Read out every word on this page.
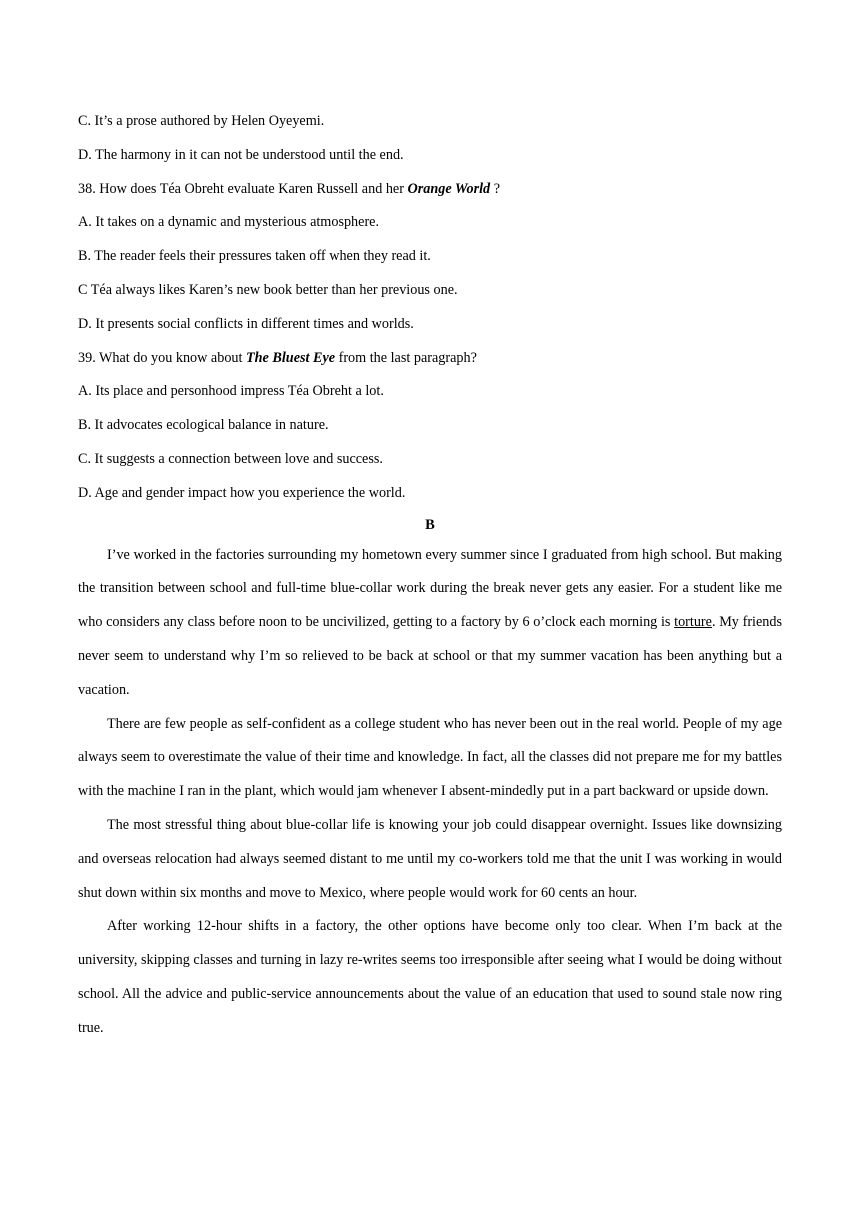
C. It’s a prose authored by Helen Oyeyemi.
D. The harmony in it can not be understood until the end.
38. How does Téa Obreht evaluate Karen Russell and her Orange World ?
A. It takes on a dynamic and mysterious atmosphere.
B. The reader feels their pressures taken off when they read it.
C Téa always likes Karen’s new book better than her previous one.
D. It presents social conflicts in different times and worlds.
39. What do you know about The Bluest Eye from the last paragraph?
A. Its place and personhood impress Téa Obreht a lot.
B. It advocates ecological balance in nature.
C. It suggests a connection between love and success.
D. Age and gender impact how you experience the world.
B

I’ve worked in the factories surrounding my hometown every summer since I graduated from high school. But making the transition between school and full-time blue-collar work during the break never gets any easier. For a student like me who considers any class before noon to be uncivilized, getting to a factory by 6 o’clock each morning is torture. My friends never seem to understand why I’m so relieved to be back at school or that my summer vacation has been anything but a vacation.

There are few people as self-confident as a college student who has never been out in the real world. People of my age always seem to overestimate the value of their time and knowledge. In fact, all the classes did not prepare me for my battles with the machine I ran in the plant, which would jam whenever I absent-mindedly put in a part backward or upside down.

The most stressful thing about blue-collar life is knowing your job could disappear overnight. Issues like downsizing and overseas relocation had always seemed distant to me until my co-workers told me that the unit I was working in would shut down within six months and move to Mexico, where people would work for 60 cents an hour.

After working 12-hour shifts in a factory, the other options have become only too clear. When I’m back at the university, skipping classes and turning in lazy re-writes seems too irresponsible after seeing what I would be doing without school. All the advice and public-service announcements about the value of an education that used to sound stale now ring true.
